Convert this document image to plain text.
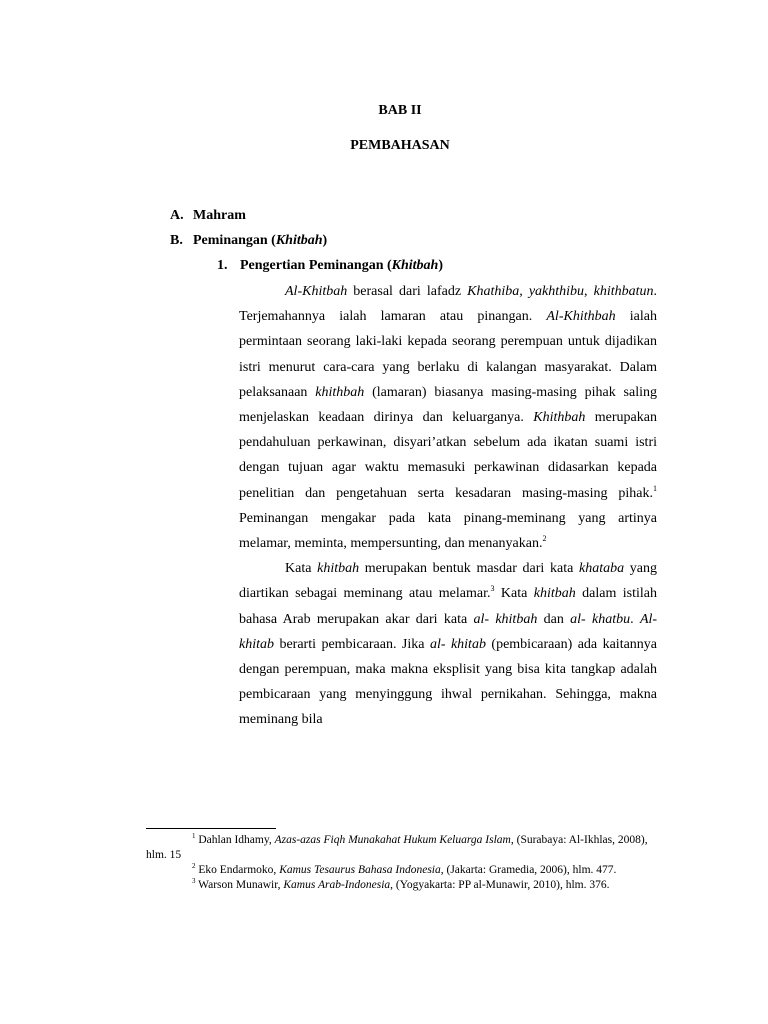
BAB II
PEMBAHASAN
A. Mahram
B. Peminangan (Khitbah)
1. Pengertian Peminangan (Khitbah)

Al-Khitbah berasal dari lafadz Khathiba, yakhthibu, khithbatun. Terjemahannya ialah lamaran atau pinangan. Al-Khithbah ialah permintaan seorang laki-laki kepada seorang perempuan untuk dijadikan istri menurut cara-cara yang berlaku di kalangan masyarakat. Dalam pelaksanaan khithbah (lamaran) biasanya masing-masing pihak saling menjelaskan keadaan dirinya dan keluarganya. Khithbah merupakan pendahuluan perkawinan, disyari’atkan sebelum ada ikatan suami istri dengan tujuan agar waktu memasuki perkawinan didasarkan kepada penelitian dan pengetahuan serta kesadaran masing-masing pihak.$^1$ Peminangan mengakar pada kata pinang-meminang yang artinya melamar, meminta, mempersunting, dan menanyakan.$^2$

Kata khitbah merupakan bentuk masdar dari kata khataba yang diartikan sebagai meminang atau melamar.$^3$ Kata khitbah dalam istilah bahasa Arab merupakan akar dari kata al- khitbah dan al- khatbu. Al- khitab berarti pembicaraan. Jika al- khitab (pembicaraan) ada kaitannya dengan perempuan, maka makna eksplisit yang bisa kita tangkap adalah pembicaraan yang menyinggung ihwal pernikahan. Sehingga, makna meminang bila

$^1$ Dahlan Idhamy, Azas-azas Fiqh Munakahat Hukum Keluarga Islam, (Surabaya: Al-Ikhlas, 2008), hlm. 15

$^2$ Eko Endarmoko, Kamus Tesaurus Bahasa Indonesia, (Jakarta: Gramedia, 2006), hlm. 477.

$^3$ Warson Munawir, Kamus Arab-Indonesia, (Yogyakarta: PP al-Munawir, 2010), hlm. 376.
